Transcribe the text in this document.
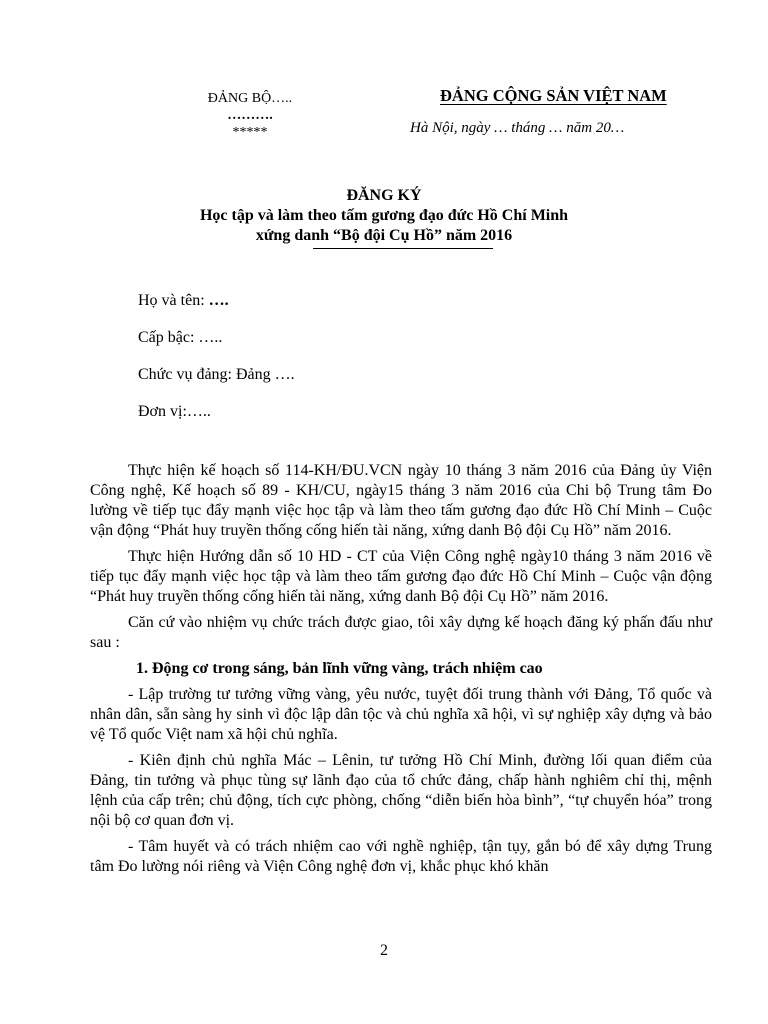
ĐẢNG BỘ…..
……….
*****
ĐẢNG CỘNG SẢN VIỆT NAM
Hà Nội, ngày … tháng … năm 20…
ĐĂNG KÝ
Học tập và làm theo tấm gương đạo đức Hồ Chí Minh
xứng danh “Bộ đội Cụ Hồ” năm 2016
Họ và tên: ….
Cấp bậc: …..
Chức vụ đảng: Đảng ….
Đơn vị:…..

Thực hiện kế hoạch số 114-KH/ĐU.VCN ngày 10 tháng 3 năm 2016 của Đảng ủy Viện Công nghệ, Kế hoạch số 89 - KH/CU, ngày15 tháng 3 năm 2016 của Chi bộ Trung tâm Đo lường về tiếp tục đẩy mạnh việc học tập và làm theo tấm gương đạo đức Hồ Chí Minh – Cuộc vận động “Phát huy truyền thống cống hiến tài năng, xứng danh Bộ đội Cụ Hồ” năm 2016.

Thực hiện Hướng dẫn số 10 HD - CT của Viện Công nghệ ngày10 tháng 3 năm 2016 về tiếp tục đẩy mạnh việc học tập và làm theo tấm gương đạo đức Hồ Chí Minh – Cuộc vận động “Phát huy truyền thống cống hiến tài năng, xứng danh Bộ đội Cụ Hồ” năm 2016.

Căn cứ vào nhiệm vụ chức trách được giao, tôi xây dựng kế hoạch đăng ký phấn đấu như sau :

1. Động cơ trong sáng, bản lĩnh vững vàng, trách nhiệm cao

- Lập trường tư tưởng vững vàng, yêu nước, tuyệt đối trung thành với Đảng, Tổ quốc và nhân dân, sẵn sàng hy sinh vì độc lập dân tộc và chủ nghĩa xã hội, vì sự nghiệp xây dựng và bảo vệ Tổ quốc Việt nam xã hội chủ nghĩa.

- Kiên định chủ nghĩa Mác – Lênin, tư tưởng Hồ Chí Minh, đường lối quan điểm của Đảng, tin tưởng và phục tùng sự lãnh đạo của tổ chức đảng, chấp hành nghiêm chỉ thị, mệnh lệnh của cấp trên; chủ động, tích cực phòng, chống “diễn biến hòa bình”, “tự chuyển hóa” trong nội bộ cơ quan đơn vị.

- Tâm huyết và có trách nhiệm cao với nghề nghiệp, tận tụy, gắn bó để xây dựng Trung tâm Đo lường nói riêng và Viện Công nghệ đơn vị, khắc phục khó khăn

2
